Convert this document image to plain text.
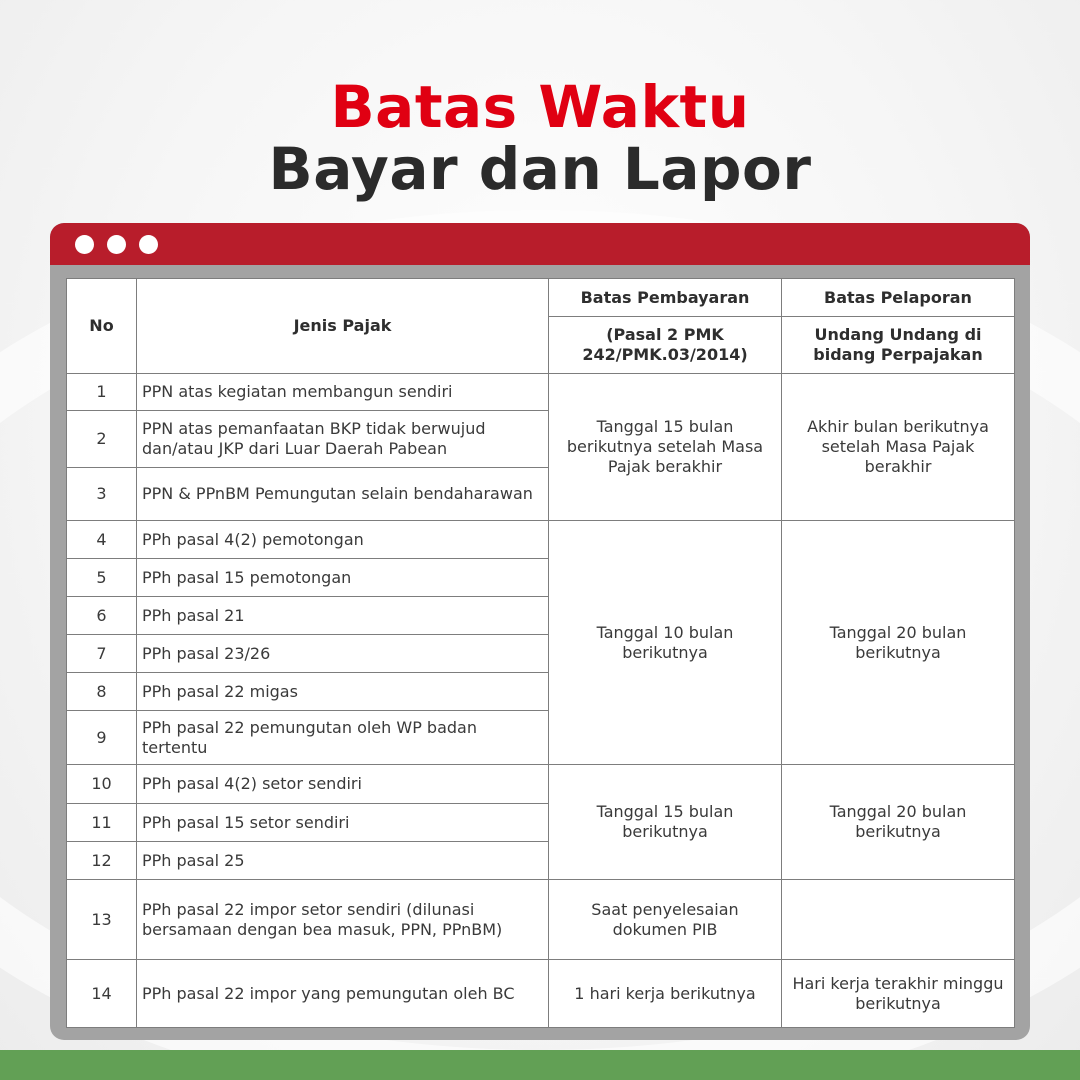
Batas Waktu
Bayar dan Lapor
No	Jenis Pajak	Batas Pembayaran	Batas Pelaporan
		(Pasal 2 PMK 242/PMK.03/2014)	Undang Undang di bidang Perpajakan
1	PPN atas kegiatan membangun sendiri	Tanggal 15 bulan berikutnya setelah Masa Pajak berakhir	Akhir bulan berikutnya setelah Masa Pajak berakhir
2	PPN atas pemanfaatan BKP tidak berwujud dan/atau JKP dari Luar Daerah Pabean		
3	PPN & PPnBM Pemungutan selain bendaharawan		
4	PPh pasal 4(2) pemotongan	Tanggal 10 bulan berikutnya	Tanggal 20 bulan berikutnya
5	PPh pasal 15 pemotongan		
6	PPh pasal 21		
7	PPh pasal 23/26		
8	PPh pasal 22 migas		
9	PPh pasal 22 pemungutan oleh WP badan tertentu		
10	PPh pasal 4(2) setor sendiri	Tanggal 15 bulan berikutnya	Tanggal 20 bulan berikutnya
11	PPh pasal 15 setor sendiri		
12	PPh pasal 25		
13	PPh pasal 22 impor setor sendiri (dilunasi bersamaan dengan bea masuk, PPN, PPnBM)	Saat penyelesaian dokumen PIB	
14	PPh pasal 22 impor yang pemungutan oleh BC	1 hari kerja berikutnya	Hari kerja terakhir minggu berikutnya
